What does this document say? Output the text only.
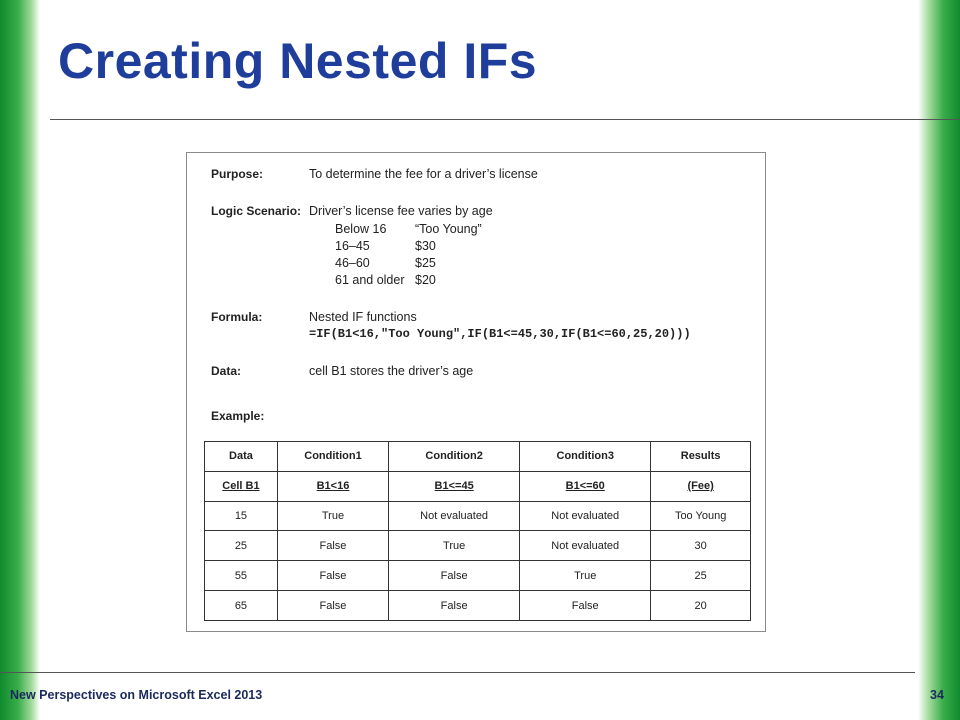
Creating Nested IFs
Purpose:	To determine the fee for a driver’s license
Logic Scenario: Driver’s license fee varies by age
Below 16 “Too Young”
16–45	$30
46–60	$25
61 and older $20
Formula:	Nested IF functions
=IF(B1<16,"Too Young",IF(B1<=45,30,IF(B1<=60,25,20)))
Data:	cell B1 stores the driver’s age
Example:
Data	Condition1	Condition2	Condition3	Results
Cell B1	B1<16	B1<=45	B1<=60	(Fee)
15	True	Not evaluated	Not evaluated	Too Young
25	False	True	Not evaluated	30
55	False	False	True	25
65	False	False	False	20
New Perspectives on Microsoft Excel 2013	34
